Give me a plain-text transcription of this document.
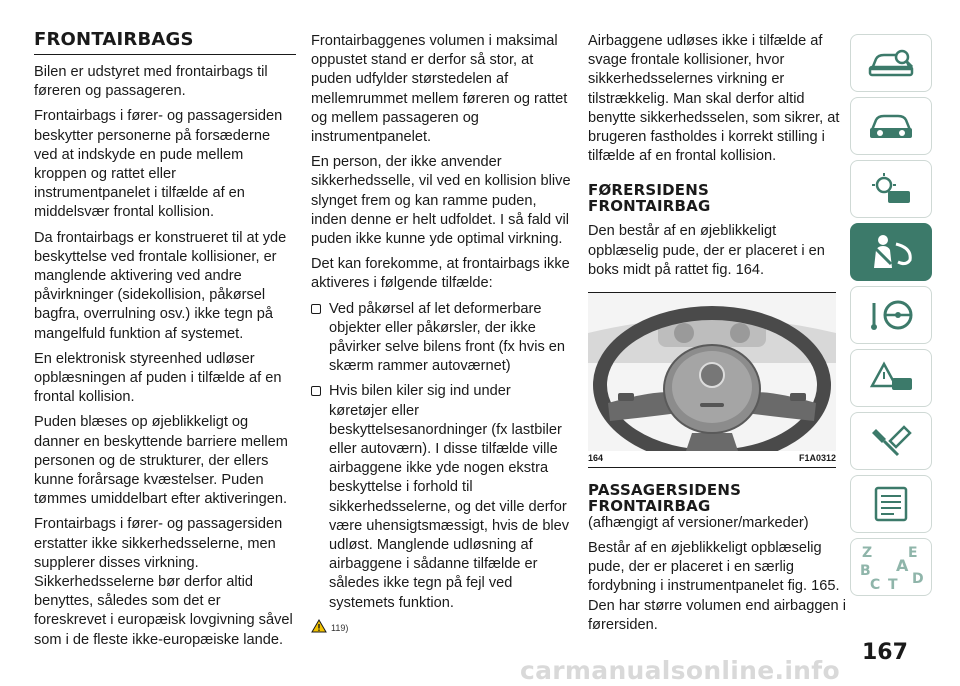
FRONTAIRBAGS

Bilen er udstyret med frontairbags til føreren og passageren.

Frontairbags i fører- og passagersiden beskytter personerne på forsæderne ved at indskyde en pude mellem kroppen og rattet eller instrumentpanelet i tilfælde af en middelsvær frontal kollision.

Da frontairbags er konstrueret til at yde beskyttelse ved frontale kollisioner, er manglende aktivering ved andre påvirkninger (sidekollision, påkørsel bagfra, overrulning osv.) ikke tegn på mangelfuld funktion af systemet.

En elektronisk styreenhed udløser opblæsningen af puden i tilfælde af en frontal kollision.

Puden blæses op øjeblikkeligt og danner en beskyttende barriere mellem personen og de strukturer, der ellers kunne forårsage kvæstelser. Puden tømmes umiddelbart efter aktiveringen.

Frontairbags i fører- og passagersiden erstatter ikke sikkerhedsselerne, men supplerer disses virkning. Sikkerhedsselerne bør derfor altid benyttes, således som det er foreskrevet i europæisk lovgivning såvel som i de fleste ikke-europæiske lande.

Frontairbaggenes volumen i maksimal oppustet stand er derfor så stor, at puden udfylder størstedelen af mellemrummet mellem føreren og rattet og mellem passageren og instrumentpanelet.

En person, der ikke anvender sikkerhedsselle, vil ved en kollision blive slynget frem og kan ramme puden, inden denne er helt udfoldet. I så fald vil puden ikke kunne yde optimal virkning.

Det kan forekomme, at frontairbags ikke aktiveres i følgende tilfælde:

Ved påkørsel af let deformerbare objekter eller påkørsler, der ikke påvirker selve bilens front (fx hvis en skærm rammer autoværnet)
Hvis bilen kiler sig ind under køretøjer eller beskyttelsesanordninger (fx lastbiler eller autoværn). I disse tilfælde ville airbaggene ikke yde nogen ekstra beskyttelse i forhold til sikkerhedsselerne, og det ville derfor være uhensigtsmæssigt, hvis de blev udløst. Manglende udløsning af airbaggene i sådanne tilfælde er således ikke tegn på fejl ved systemets funktion.
119)

Airbaggene udløses ikke i tilfælde af svage frontale kollisioner, hvor sikkerhedsselernes virkning er tilstrækkelig. Man skal derfor altid benytte sikkerhedsselen, som sikrer, at brugeren fastholdes i korrekt stilling i tilfælde af en frontal kollision.

FØRERSIDENS
FRONTAIRBAG

Den består af en øjeblikkeligt opblæselig pude, der er placeret i en boks midt på rattet fig. 164.

164	F1A0312
PASSAGERSIDENS
FRONTAIRBAG

(afhængigt af versioner/markeder)

Består af en øjeblikkeligt opblæselig pude, der er placeret i en særlig fordybning i instrumentpanelet fig. 165. Den har større volumen end airbaggen i førersiden.

Z	E
A
B	D
C T
167
carmanualsonline.info
